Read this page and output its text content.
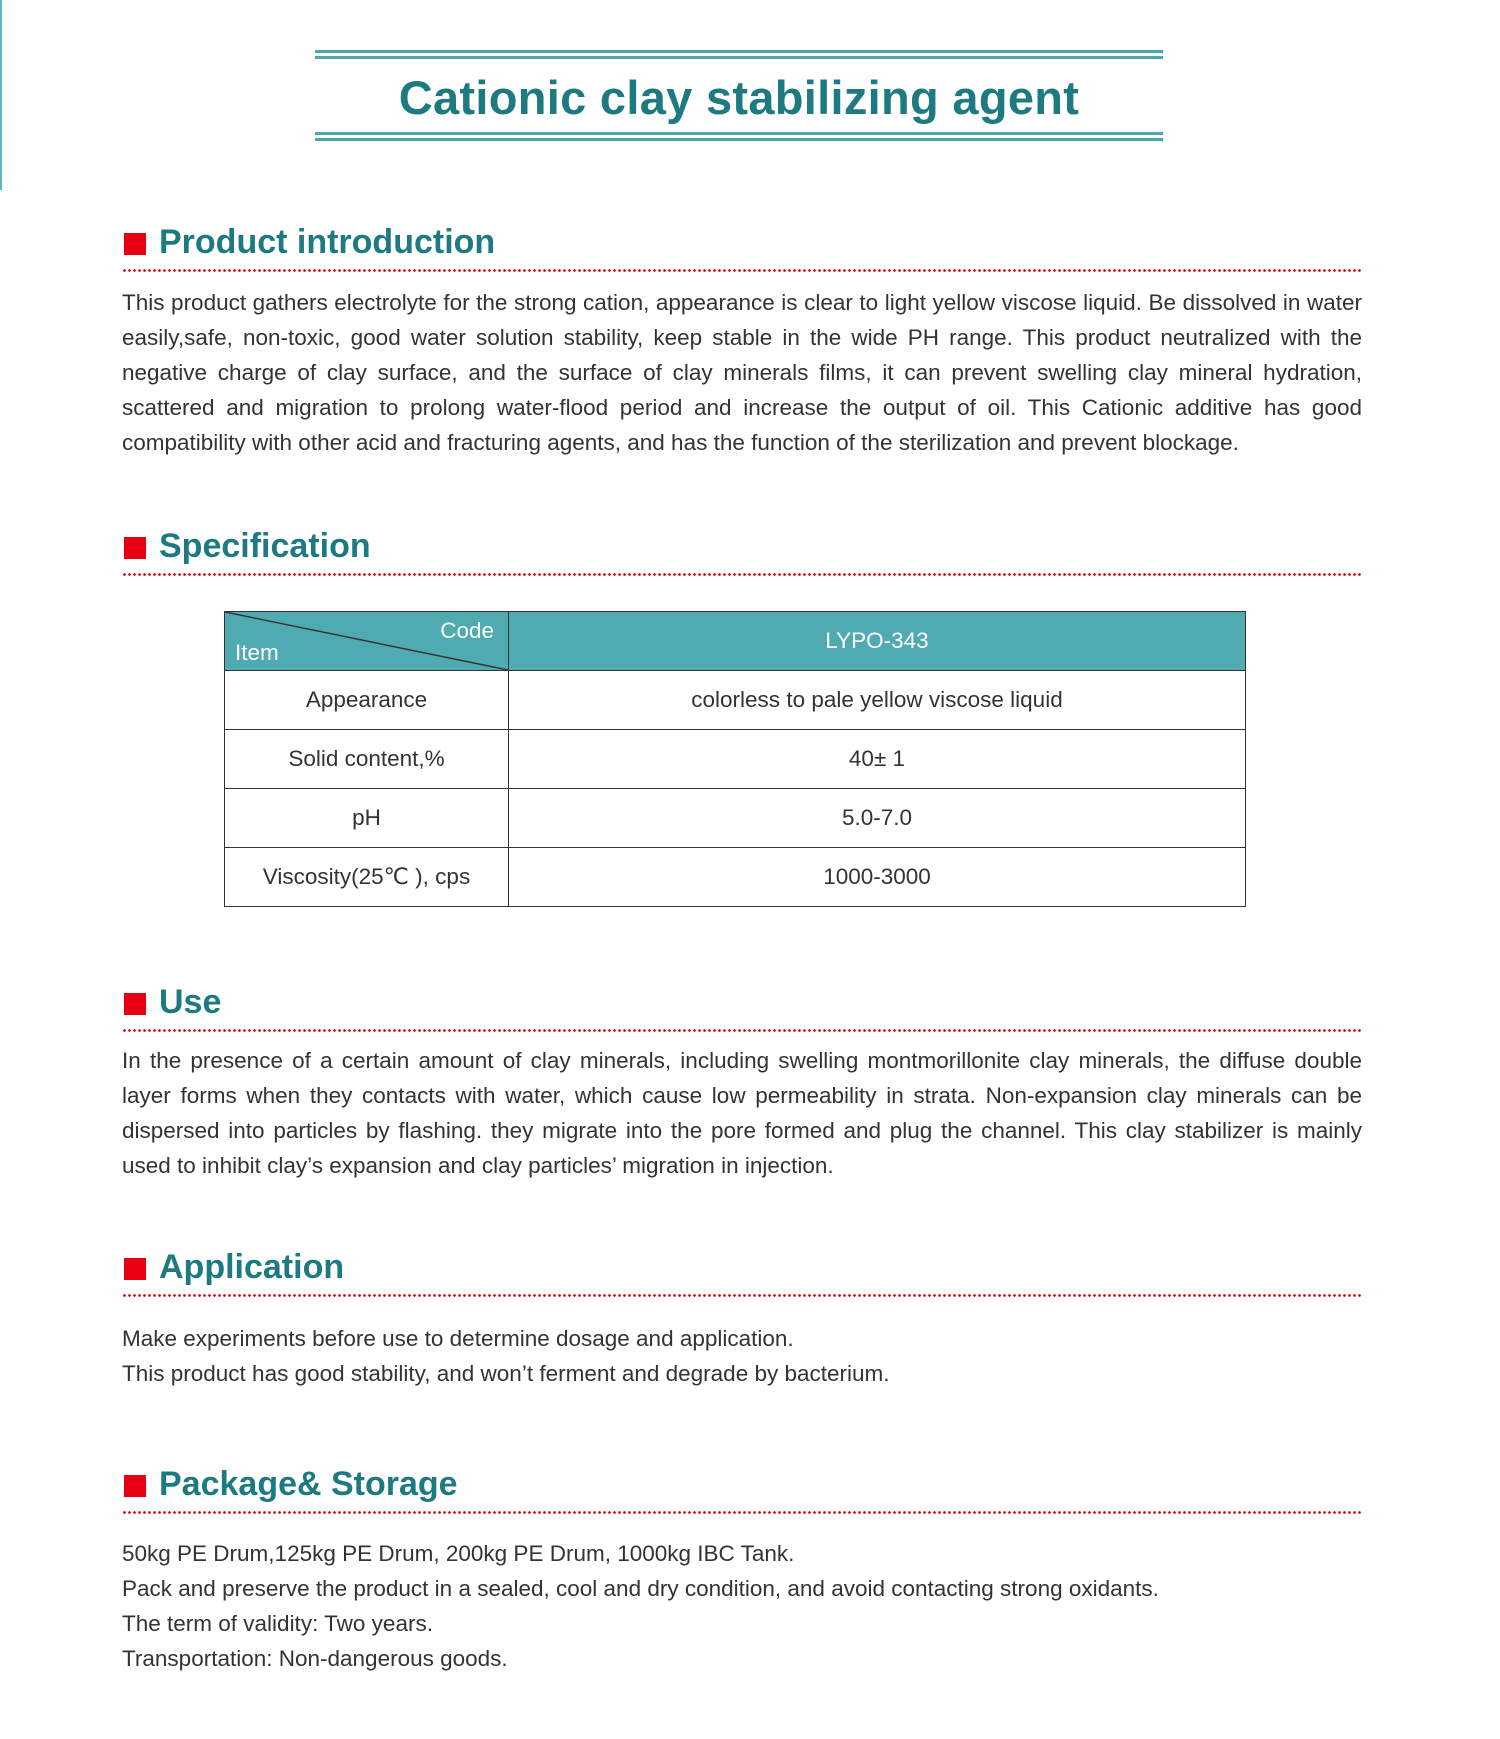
Cationic clay stabilizing agent
Product introduction

This product gathers electrolyte for the strong cation, appearance is clear to light yellow viscose liquid. Be dissolved in water easily,safe, non-toxic, good water solution stability, keep stable in the wide PH range. This product neutralized with the negative charge of clay surface, and the surface of clay minerals films, it can prevent swelling clay mineral hydration, scattered and migration to prolong water-flood period and increase the output of oil. This Cationic additive has good compatibility with other acid and fracturing agents, and has the function of the sterilization and prevent blockage.

Specification
Code
Item	LYPO-343
Appearance	colorless to pale yellow viscose liquid
Solid content,%	40± 1
pH	5.0-7.0
Viscosity(25℃ ), cps	1000-3000
Use

In the presence of a certain amount of clay minerals, including swelling montmorillonite clay minerals, the diffuse double layer forms when they contacts with water, which cause low permeability in strata. Non-expansion clay minerals can be dispersed into particles by flashing. they migrate into the pore formed and plug the channel. This clay stabilizer is mainly used to inhibit clay’s expansion and clay particles’ migration in injection.

Application
Make experiments before use to determine dosage and application.
This product has good stability, and won’t ferment and degrade by bacterium.
Package& Storage
50kg PE Drum,125kg PE Drum, 200kg PE Drum, 1000kg IBC Tank.
Pack and preserve the product in a sealed, cool and dry condition, and avoid contacting strong oxidants.
The term of validity: Two years.
Transportation: Non-dangerous goods.
